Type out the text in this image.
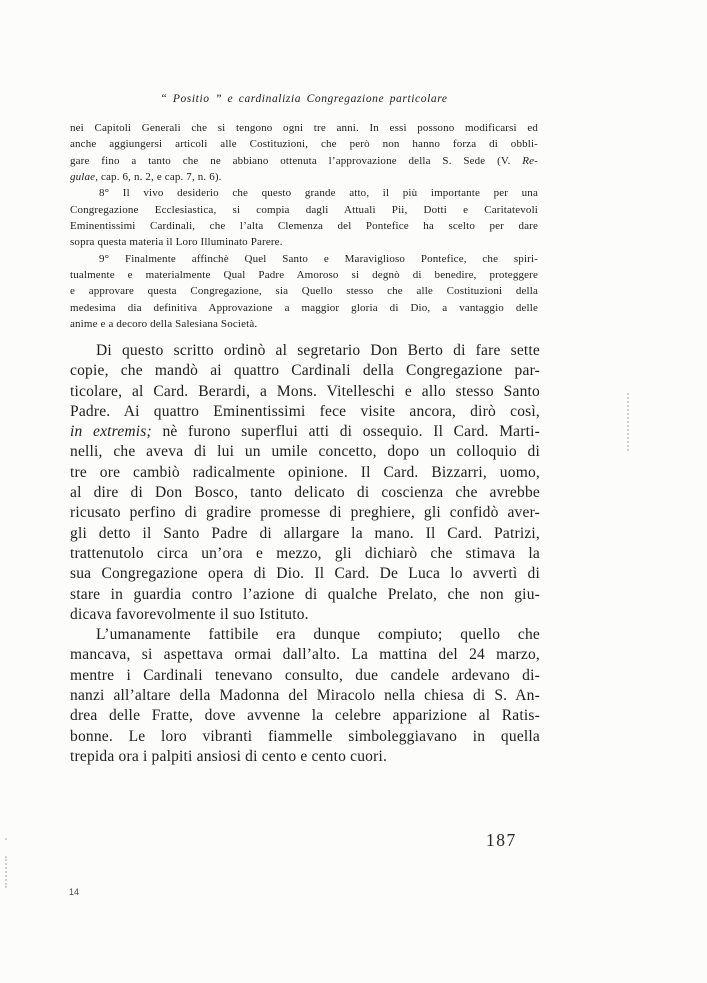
“ Positio ” e cardinalizia Congregazione particolare
nei Capitoli Generali che si tengono ogni tre anni. In essi possono modificarsi ed
anche aggiungersi articoli alle Costituzioni, che però non hanno forza di obbli-
gare fino a tanto che ne abbiano ottenuta l’approvazione della S. Sede (V. Re-
gulae, cap. 6, n. 2, e cap. 7, n. 6).
8° Il vivo desiderio che questo grande atto, il più importante per una
Congregazione Ecclesiastica, si compia dagli Attuali Pii, Dotti e Caritatevoli
Eminentissimi Cardinali, che l’alta Clemenza del Pontefice ha scelto per dare
sopra questa materia il Loro Illuminato Parere.
9° Finalmente affinchè Quel Santo e Maraviglioso Pontefice, che spiri-
tualmente e materialmente Qual Padre Amoroso si degnò di benedire, proteggere
e approvare questa Congregazione, sia Quello stesso che alle Costituzioni della
medesima dia definitiva Approvazione a maggior gloria di Dio, a vantaggio delle
anime e a decoro della Salesiana Società.
Di questo scritto ordinò al segretario Don Berto di fare sette
copie, che mandò ai quattro Cardinali della Congregazione par-
ticolare, al Card. Berardi, a Mons. Vitelleschi e allo stesso Santo
Padre. Ai quattro Eminentissimi fece visite ancora, dirò così,
in extremis; nè furono superflui atti di ossequio. Il Card. Marti-
nelli, che aveva di lui un umile concetto, dopo un colloquio di
tre ore cambiò radicalmente opinione. Il Card. Bizzarri, uomo,
al dire di Don Bosco, tanto delicato di coscienza che avrebbe
ricusato perfino di gradire promesse di preghiere, gli confidò aver-
gli detto il Santo Padre di allargare la mano. Il Card. Patrizi,
trattenutolo circa un’ora e mezzo, gli dichiarò che stimava la
sua Congregazione opera di Dio. Il Card. De Luca lo avvertì di
stare in guardia contro l’azione di qualche Prelato, che non giu-
dicava favorevolmente il suo Istituto.
L’umanamente fattibile era dunque compiuto; quello che
mancava, si aspettava ormai dall’alto. La mattina del 24 marzo,
mentre i Cardinali tenevano consulto, due candele ardevano di-
nanzi all’altare della Madonna del Miracolo nella chiesa di S. An-
drea delle Fratte, dove avvenne la celebre apparizione al Ratis-
bonne. Le loro vibranti fiammelle simboleggiavano in quella
trepida ora i palpiti ansiosi di cento e cento cuori.
187
14
